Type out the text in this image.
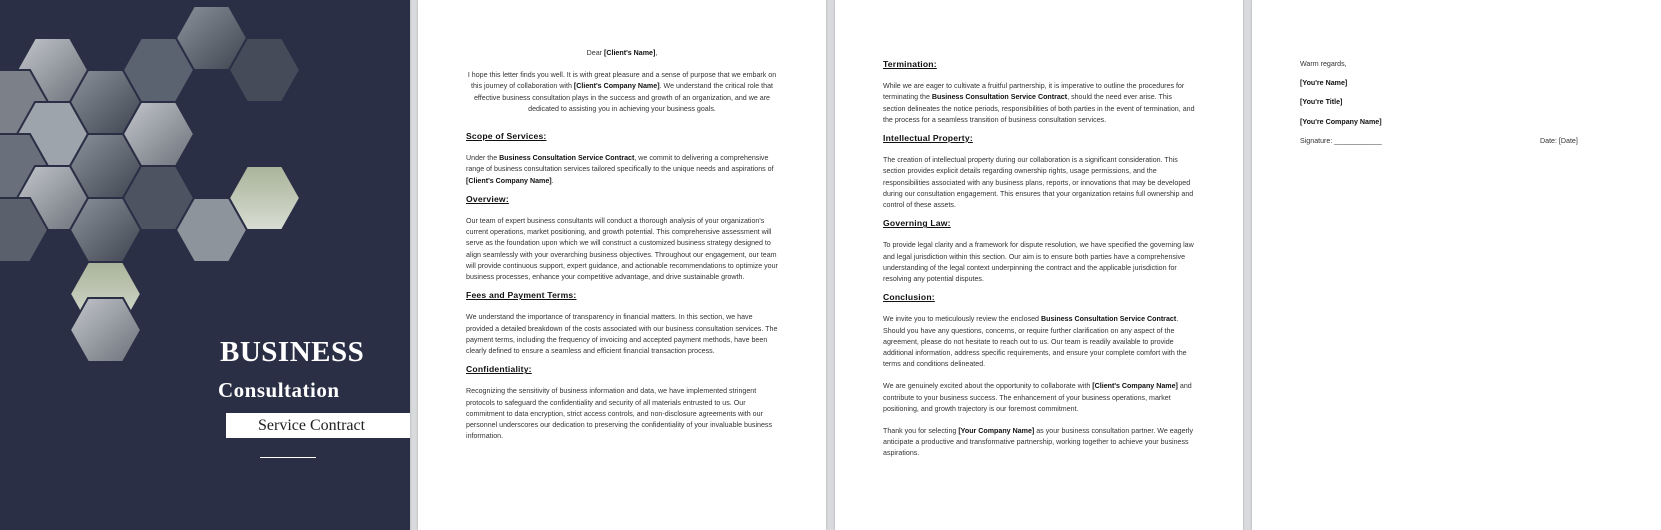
BUSINESS
Consultation
Service Contract

Dear [Client's Name],

I hope this letter finds you well. It is with great pleasure and a sense of purpose that we embark on this journey of collaboration with [Client's Company Name]. We understand the critical role that effective business consultation plays in the success and growth of an organization, and we are dedicated to assisting you in achieving your business goals.

Scope of Services:

Under the Business Consultation Service Contract, we commit to delivering a comprehensive range of business consultation services tailored specifically to the unique needs and aspirations of [Client's Company Name].

Overview:

Our team of expert business consultants will conduct a thorough analysis of your organization's current operations, market positioning, and growth potential. This comprehensive assessment will serve as the foundation upon which we will construct a customized business strategy designed to align seamlessly with your overarching business objectives. Throughout our engagement, our team will provide continuous support, expert guidance, and actionable recommendations to optimize your business processes, enhance your competitive advantage, and drive sustainable growth.

Fees and Payment Terms:

We understand the importance of transparency in financial matters. In this section, we have provided a detailed breakdown of the costs associated with our business consultation services. The payment terms, including the frequency of invoicing and accepted payment methods, have been clearly defined to ensure a seamless and efficient financial transaction process.

Confidentiality:

Recognizing the sensitivity of business information and data, we have implemented stringent protocols to safeguard the confidentiality and security of all materials entrusted to us. Our commitment to data encryption, strict access controls, and non-disclosure agreements with our personnel underscores our dedication to preserving the confidentiality of your invaluable business information.

Termination:

While we are eager to cultivate a fruitful partnership, it is imperative to outline the procedures for terminating the Business Consultation Service Contract, should the need ever arise. This section delineates the notice periods, responsibilities of both parties in the event of termination, and the process for a seamless transition of business consultation services.

Intellectual Property:

The creation of intellectual property during our collaboration is a significant consideration. This section provides explicit details regarding ownership rights, usage permissions, and the responsibilities associated with any business plans, reports, or innovations that may be developed during our consultation engagement. This ensures that your organization retains full ownership and control of these assets.

Governing Law:

To provide legal clarity and a framework for dispute resolution, we have specified the governing law and legal jurisdiction within this section. Our aim is to ensure both parties have a comprehensive understanding of the legal context underpinning the contract and the applicable jurisdiction for resolving any potential disputes.

Conclusion:

We invite you to meticulously review the enclosed Business Consultation Service Contract. Should you have any questions, concerns, or require further clarification on any aspect of the agreement, please do not hesitate to reach out to us. Our team is readily available to provide additional information, address specific requirements, and ensure your complete comfort with the terms and conditions delineated.

We are genuinely excited about the opportunity to collaborate with [Client's Company Name] and contribute to your business success. The enhancement of your business operations, market positioning, and growth trajectory is our foremost commitment.

Thank you for selecting [Your Company Name] as your business consultation partner. We eagerly anticipate a productive and transformative partnership, working together to achieve your business aspirations.

Warm regards,

[You're Name]

[You're Title]

[You're Company Name]

Signature: ____________	Date: [Date]
